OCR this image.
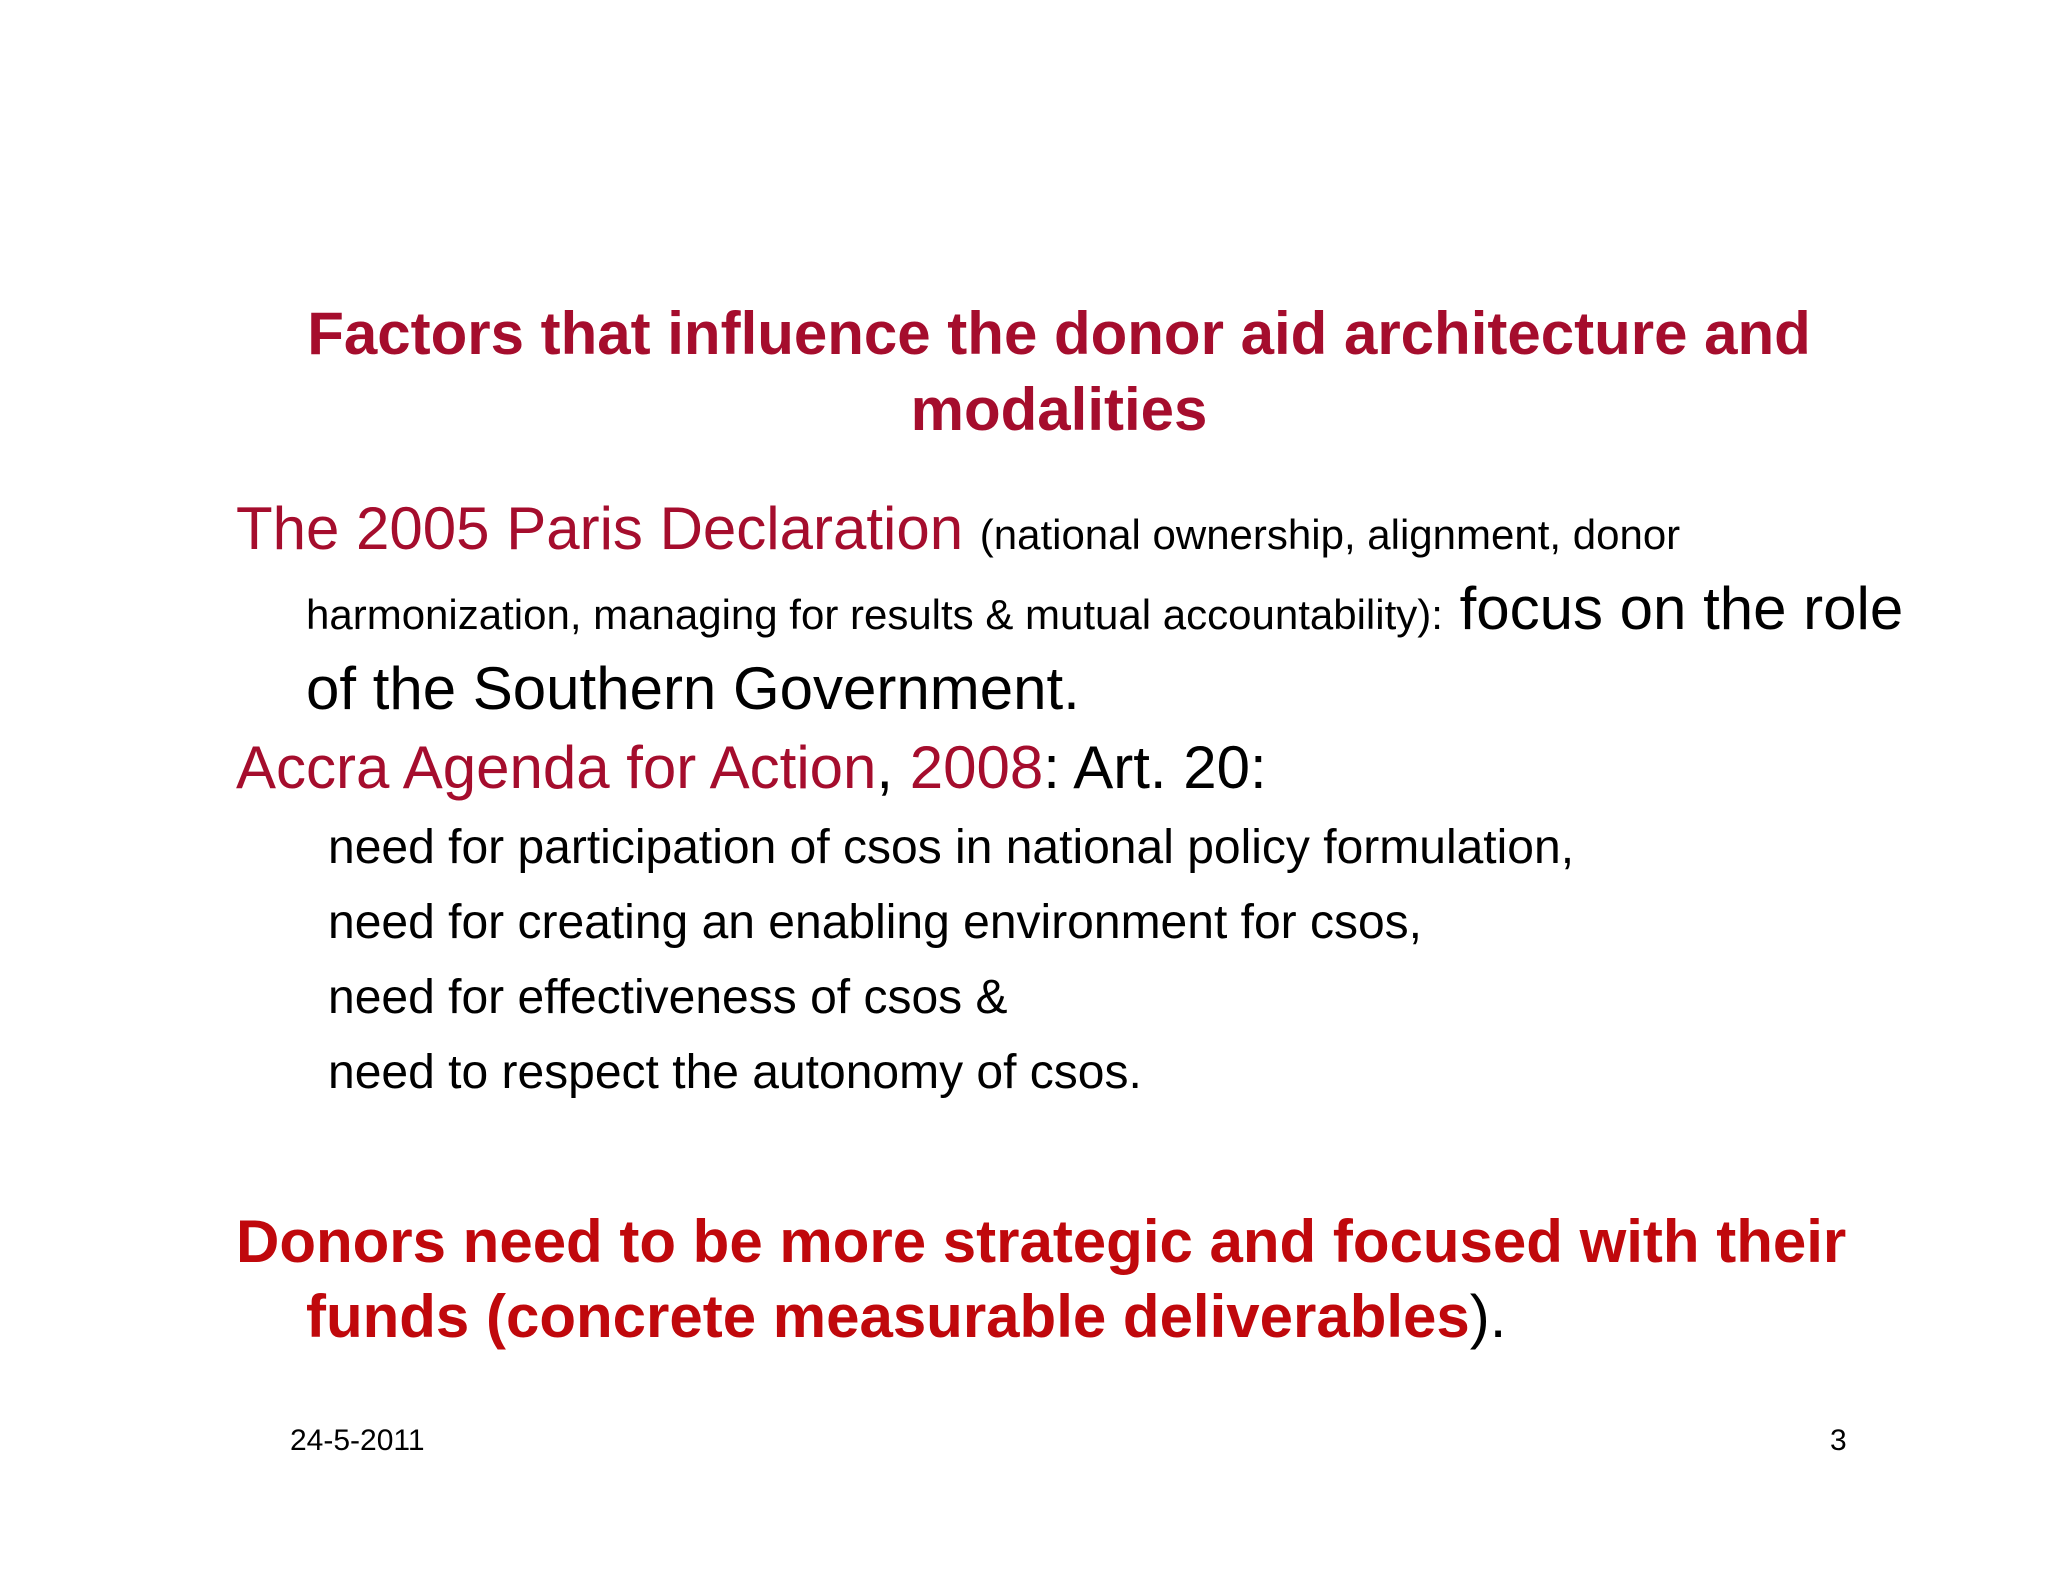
Factors that influence the donor aid architecture and modalities
The 2005 Paris Declaration (national ownership, alignment, donor harmonization, managing for results & mutual accountability): focus on the role of the Southern Government.
Accra Agenda for Action, 2008: Art. 20:
need for participation of csos in national policy formulation,
need for creating an enabling environment for csos,
need for effectiveness of csos &
need to respect the autonomy of csos.
Donors need to be more strategic and focused with their funds (concrete measurable deliverables).
24-5-2011	3
